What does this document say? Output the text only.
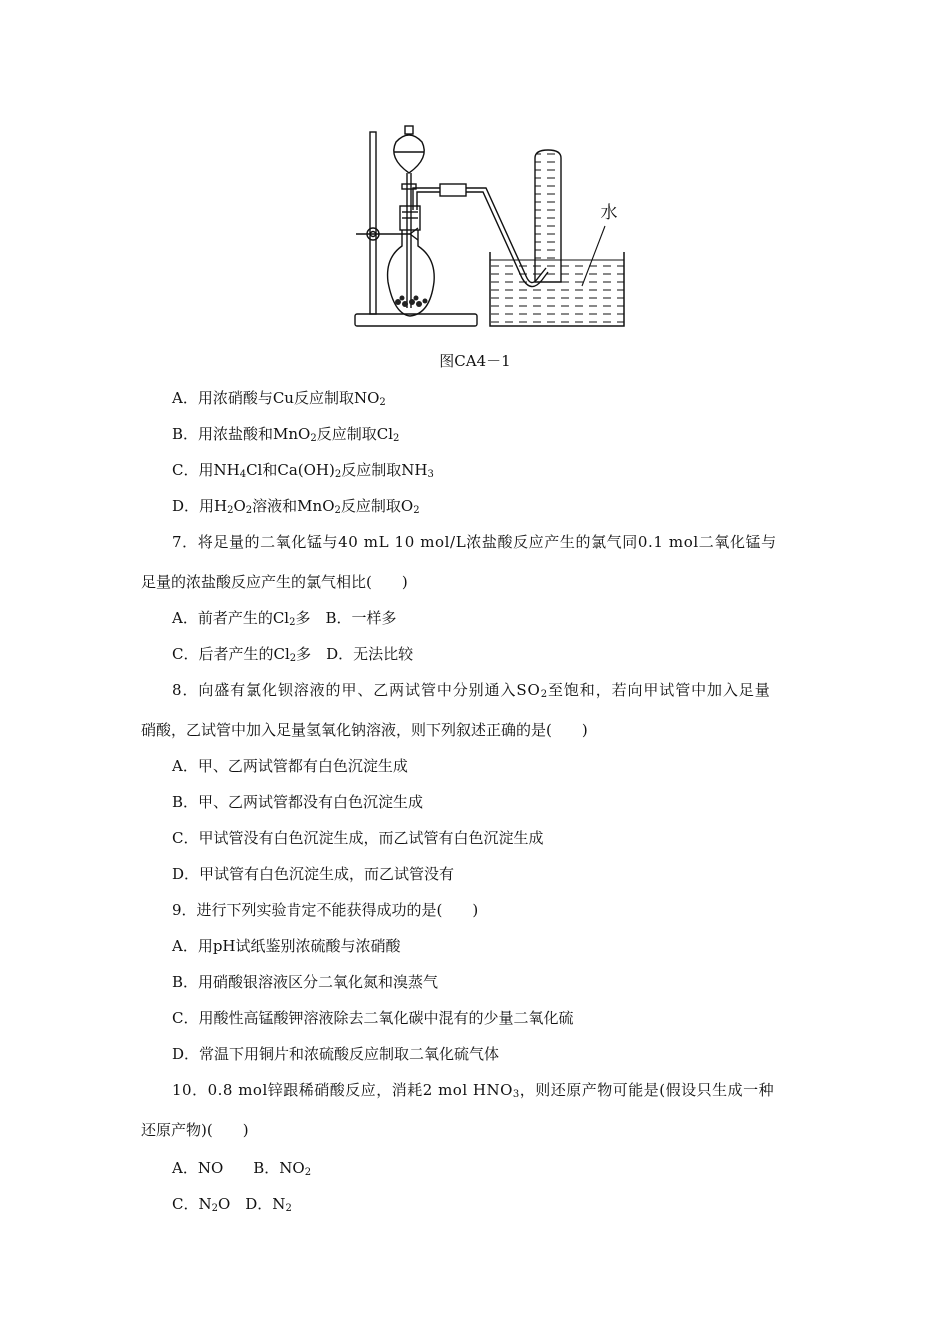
水
图CA4－1
A．用浓硝酸与Cu反应制取$NO_2$
B．用浓盐酸和MnO$_2$反应制取$Cl_2$
C．用$NH_4Cl$和$Ca(OH)_2$反应制取$NH_3$
D．用$H_2O_2$溶液和MnO$_2$反应制取$O_2$
7．将足量的二氧化锰与40 mL 10 mol/L浓盐酸反应产生的氯气同0.1 mol二氧化锰与
足量的浓盐酸反应产生的氯气相比(　　)
A．前者产生的$Cl_2$多　B．一样多
C．后者产生的$Cl_2$多　D．无法比较
8．向盛有氯化钡溶液的甲、乙两试管中分别通入$SO_2$至饱和，若向甲试管中加入足量
硝酸，乙试管中加入足量氢氧化钠溶液，则下列叙述正确的是(　　)
A．甲、乙两试管都有白色沉淀生成
B．甲、乙两试管都没有白色沉淀生成
C．甲试管没有白色沉淀生成，而乙试管有白色沉淀生成
D．甲试管有白色沉淀生成，而乙试管没有
9．进行下列实验肯定不能获得成功的是(　　)
A．用pH试纸鉴别浓硫酸与浓硝酸
B．用硝酸银溶液区分二氧化氮和溴蒸气
C．用酸性高锰酸钾溶液除去二氧化碳中混有的少量二氧化硫
D．常温下用铜片和浓硫酸反应制取二氧化硫气体
10．0.8 mol锌跟稀硝酸反应，消耗2 mol $HNO_3$，则还原产物可能是(假设只生成一种
还原产物)(　　)
A．NO　　B．$NO_2$
C．$N_2O$　D．$N_2$
